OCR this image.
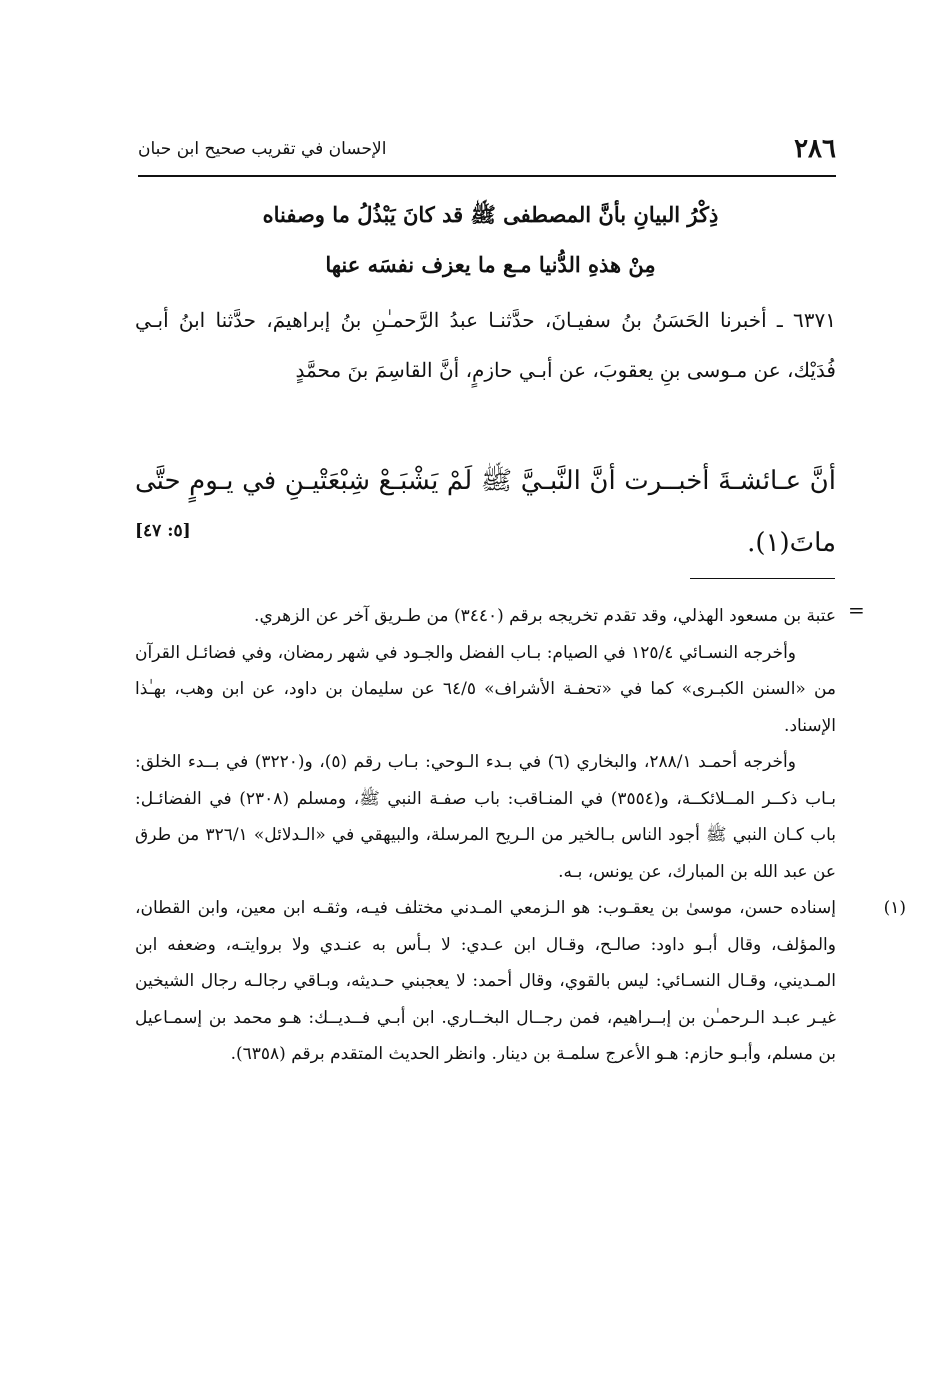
٢٨٦
الإحسان في تقريب صحيح ابن حبان
ذِكْرُ البيانِ بأنَّ المصطفى ﷺ قد كانَ يَبْذُلُ ما وصفناه
مِنْ هذهِ الدُّنيا مـع ما يعزف نفسَه عنها
٦٣٧١ ـ أخبرنا الحَسَنُ بنُ سفيـانَ، حدَّثنـا عبدُ الرَّحمـٰنِ بنُ إبراهيمَ، حدَّثنا ابنُ أبـي فُدَيْك، عن مـوسى بنِ يعقوبَ، عن أبـي حازمٍ، أنَّ القاسِمَ بنَ محمَّدٍ
أنَّ عـائشـةَ أخبــرت أنَّ النَّبـيَّ ﷺ لَمْ يَشْبَـعْ شِبْعَتْيـنِ في يـومٍ حتَّى ماتَ(١).
[٥: ٤٧]
=

عتبة بن مسعود الهذلي، وقد تقدم تخريجه برقم (٣٤٤٠) من طـريق آخر عن الزهري.

وأخرجه النسـائي ١٢٥/٤ في الصيام: بـاب الفضل والجـود في شهر رمضان، وفي فضائـل القرآن من «السنن الكبـرى» كما في «تحفـة الأشراف» ٦٤/٥ عن سليمان بن داود، عن ابن وهب، بهـٰذا الإسناد.

وأخرجه أحمـد ٢٨٨/١، والبخاري (٦) في بـدء الـوحي: بـاب رقم (٥)، و(٣٢٢٠) في بــدء الخلق: بـاب ذكــر المــلائكــة، و(٣٥٥٤) في المنـاقب: باب صفـة النبي ﷺ، ومسلم (٢٣٠٨) في الفضائـل: باب كـان النبي ﷺ أجود الناس بـالخير من الـريح المرسلة، والبيهقي في «الـدلائل» ٣٢٦/١ من طرق عن عبد الله بن المبارك، عن يونس، بـه.

(١)
إسناده حسن، موسىٰ بن يعقـوب: هو الـزمعي المـدني مختلف فيـه، وثقـه ابن معين، وابن القطان، والمؤلف، وقال أبـو داود: صالـح، وقـال ابن عـدي: لا بـأس به عنـدي ولا بروايتـه، وضعفه ابن المـديني، وقـال النسـائي: ليس بالقوي، وقال أحمد: لا يعجبني حـديثه، وبـاقي رجالـه رجال الشيخين غيـر عبـد الـرحمـٰن بن إبــراهيم، فمن رجــال البخــاري. ابن أبـي فــديــك: هـو محمد بن إسمـاعيل بن مسلم، وأبـو حازم: هـو الأعرج سلمـة بن دينار. وانظر الحديث المتقدم برقم (٦٣٥٨).
